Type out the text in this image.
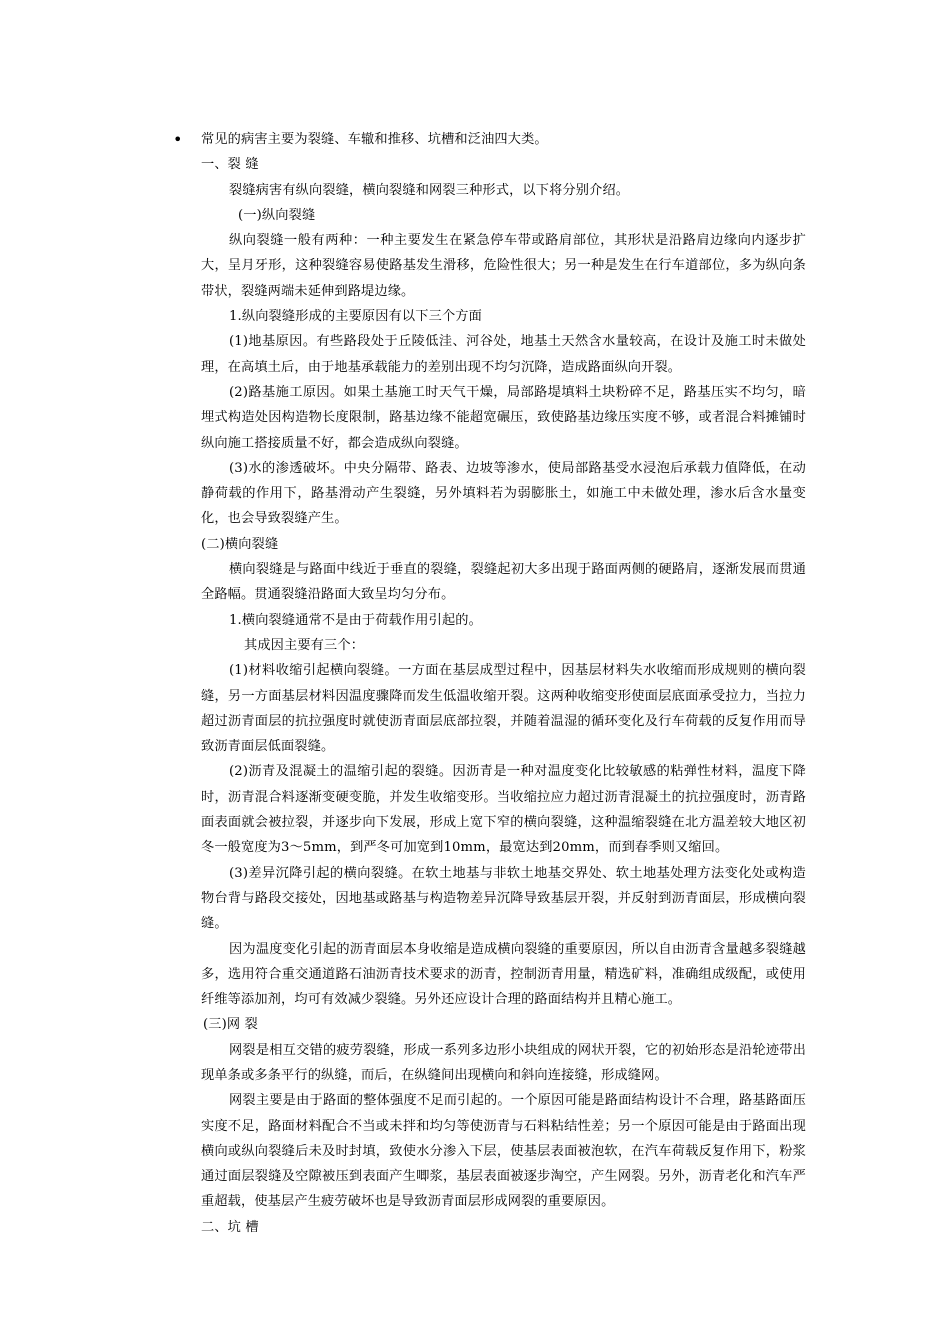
• 常见的病害主要为裂缝、车辙和推移、坑槽和泛油四大类。

一、裂 缝

裂缝病害有纵向裂缝，横向裂缝和网裂三种形式，以下将分别介绍。

(一)纵向裂缝

纵向裂缝一般有两种：一种主要发生在紧急停车带或路肩部位，其形状是沿路肩边缘向内逐步扩大，呈月牙形，这种裂缝容易使路基发生滑移，危险性很大；另一种是发生在行车道部位，多为纵向条带状，裂缝两端未延伸到路堤边缘。

1.纵向裂缝形成的主要原因有以下三个方面

(1)地基原因。有些路段处于丘陵低洼、河谷处，地基土天然含水量较高，在设计及施工时未做处理，在高填土后，由于地基承载能力的差别出现不均匀沉降，造成路面纵向开裂。

(2)路基施工原因。如果土基施工时天气干燥，局部路堤填料土块粉碎不足，路基压实不均匀，暗埋式构造处因构造物长度限制，路基边缘不能超宽碾压，致使路基边缘压实度不够，或者混合料摊铺时纵向施工搭接质量不好，都会造成纵向裂缝。

(3)水的渗透破坏。中央分隔带、路表、边坡等渗水，使局部路基受水浸泡后承载力值降低，在动静荷载的作用下，路基滑动产生裂缝，另外填料若为弱膨胀土，如施工中未做处理，渗水后含水量变化，也会导致裂缝产生。

(二)横向裂缝

横向裂缝是与路面中线近于垂直的裂缝，裂缝起初大多出现于路面两侧的硬路肩，逐渐发展而贯通全路幅。贯通裂缝沿路面大致呈均匀分布。

1.横向裂缝通常不是由于荷载作用引起的。

其成因主要有三个：

(1)材料收缩引起横向裂缝。一方面在基层成型过程中，因基层材料失水收缩而形成规则的横向裂缝，另一方面基层材料因温度骤降而发生低温收缩开裂。这两种收缩变形使面层底面承受拉力，当拉力超过沥青面层的抗拉强度时就使沥青面层底部拉裂，并随着温湿的循环变化及行车荷载的反复作用而导致沥青面层低面裂缝。

(2)沥青及混凝土的温缩引起的裂缝。因沥青是一种对温度变化比较敏感的粘弹性材料，温度下降时，沥青混合料逐渐变硬变脆，并发生收缩变形。当收缩拉应力超过沥青混凝土的抗拉强度时，沥青路面表面就会被拉裂，并逐步向下发展，形成上宽下窄的横向裂缝，这种温缩裂缝在北方温差较大地区初冬一般宽度为3～5mm，到严冬可加宽到10mm，最宽达到20mm，而到春季则又缩回。

(3)差异沉降引起的横向裂缝。在软土地基与非软土地基交界处、软土地基处理方法变化处或构造物台背与路段交接处，因地基或路基与构造物差异沉降导致基层开裂，并反射到沥青面层，形成横向裂缝。

因为温度变化引起的沥青面层本身收缩是造成横向裂缝的重要原因，所以自由沥青含量越多裂缝越多，选用符合重交通道路石油沥青技术要求的沥青，控制沥青用量，精选矿料，准确组成级配，或使用纤维等添加剂，均可有效减少裂缝。另外还应设计合理的路面结构并且精心施工。

(三)网 裂

网裂是相互交错的疲劳裂缝，形成一系列多边形小块组成的网状开裂，它的初始形态是沿轮迹带出现单条或多条平行的纵缝，而后，在纵缝间出现横向和斜向连接缝，形成缝网。

网裂主要是由于路面的整体强度不足而引起的。一个原因可能是路面结构设计不合理，路基路面压实度不足，路面材料配合不当或未拌和均匀等使沥青与石料粘结性差；另一个原因可能是由于路面出现横向或纵向裂缝后未及时封填，致使水分渗入下层，使基层表面被泡软，在汽车荷载反复作用下，粉浆通过面层裂缝及空隙被压到表面产生唧浆，基层表面被逐步淘空，产生网裂。另外，沥青老化和汽车严重超载，使基层产生疲劳破坏也是导致沥青面层形成网裂的重要原因。

二、坑 槽
